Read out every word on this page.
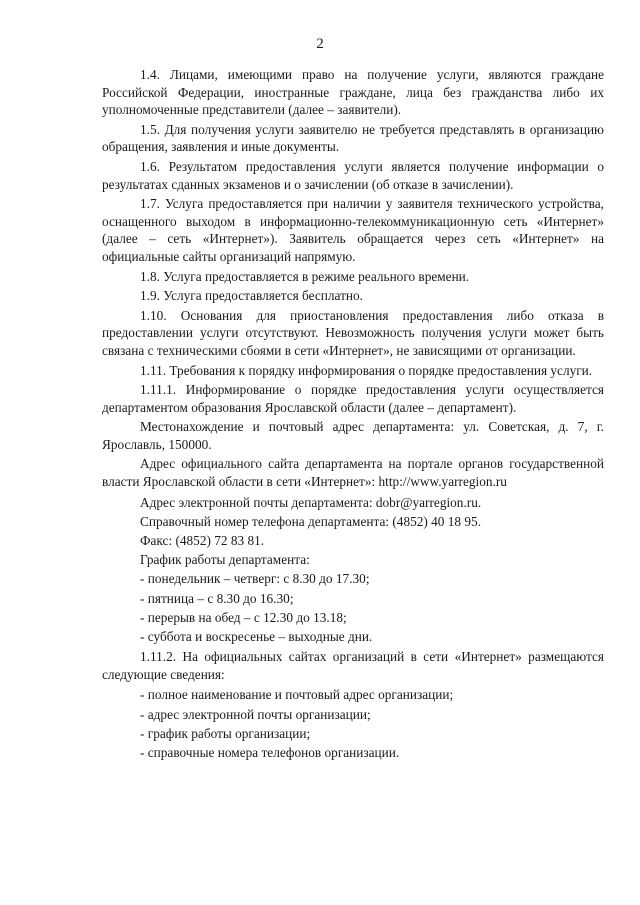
2

1.4. Лицами, имеющими право на получение услуги, являются граждане Российской Федерации, иностранные граждане, лица без гражданства либо их уполномоченные представители (далее – заявители).

1.5. Для получения услуги заявителю не требуется представлять в организацию обращения, заявления и иные документы.

1.6. Результатом предоставления услуги является получение информации о результатах сданных экзаменов и о зачислении (об отказе в зачислении).

1.7. Услуга предоставляется при наличии у заявителя технического устройства, оснащенного выходом в информационно-телекоммуникационную сеть «Интернет» (далее – сеть «Интернет»). Заявитель обращается через сеть «Интернет» на официальные сайты организаций напрямую.

1.8. Услуга предоставляется в режиме реального времени.

1.9. Услуга предоставляется бесплатно.

1.10. Основания для приостановления предоставления либо отказа в предоставлении услуги отсутствуют. Невозможность получения услуги может быть связана с техническими сбоями в сети «Интернет», не зависящими от организации.

1.11. Требования к порядку информирования о порядке предоставления услуги.

1.11.1. Информирование о порядке предоставления услуги осуществляется департаментом образования Ярославской области (далее – департамент).

Местонахождение и почтовый адрес департамента: ул. Советская, д. 7, г. Ярославль, 150000.

Адрес официального сайта департамента на портале органов государственной власти Ярославской области в сети «Интернет»: http://www.yarregion.ru

Адрес электронной почты департамента: dobr@yarregion.ru.

Справочный номер телефона департамента: (4852) 40 18 95.

Факс: (4852) 72 83 81.

График работы департамента:

- понедельник – четверг: с 8.30 до 17.30;

- пятница – с 8.30 до 16.30;

- перерыв на обед – с 12.30 до 13.18;

- суббота и воскресенье – выходные дни.

1.11.2. На официальных сайтах организаций в сети «Интернет» размещаются следующие сведения:

- полное наименование и почтовый адрес организации;

- адрес электронной почты организации;

- график работы организации;

- справочные номера телефонов организации.
